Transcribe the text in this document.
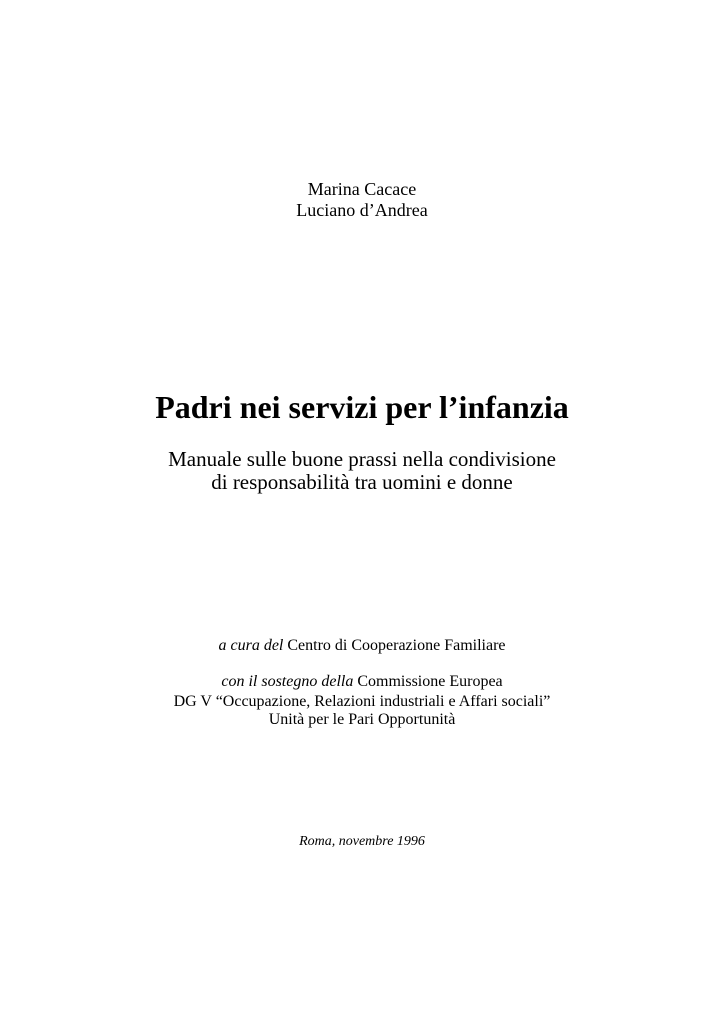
Marina Cacace
Luciano d’Andrea
Padri nei servizi per l’infanzia
Manuale sulle buone prassi nella condivisione
di responsabilità tra uomini e donne
a cura del Centro di Cooperazione Familiare
con il sostegno della Commissione Europea
DG V “Occupazione, Relazioni industriali e Affari sociali”
Unità per le Pari Opportunità
Roma, novembre 1996
